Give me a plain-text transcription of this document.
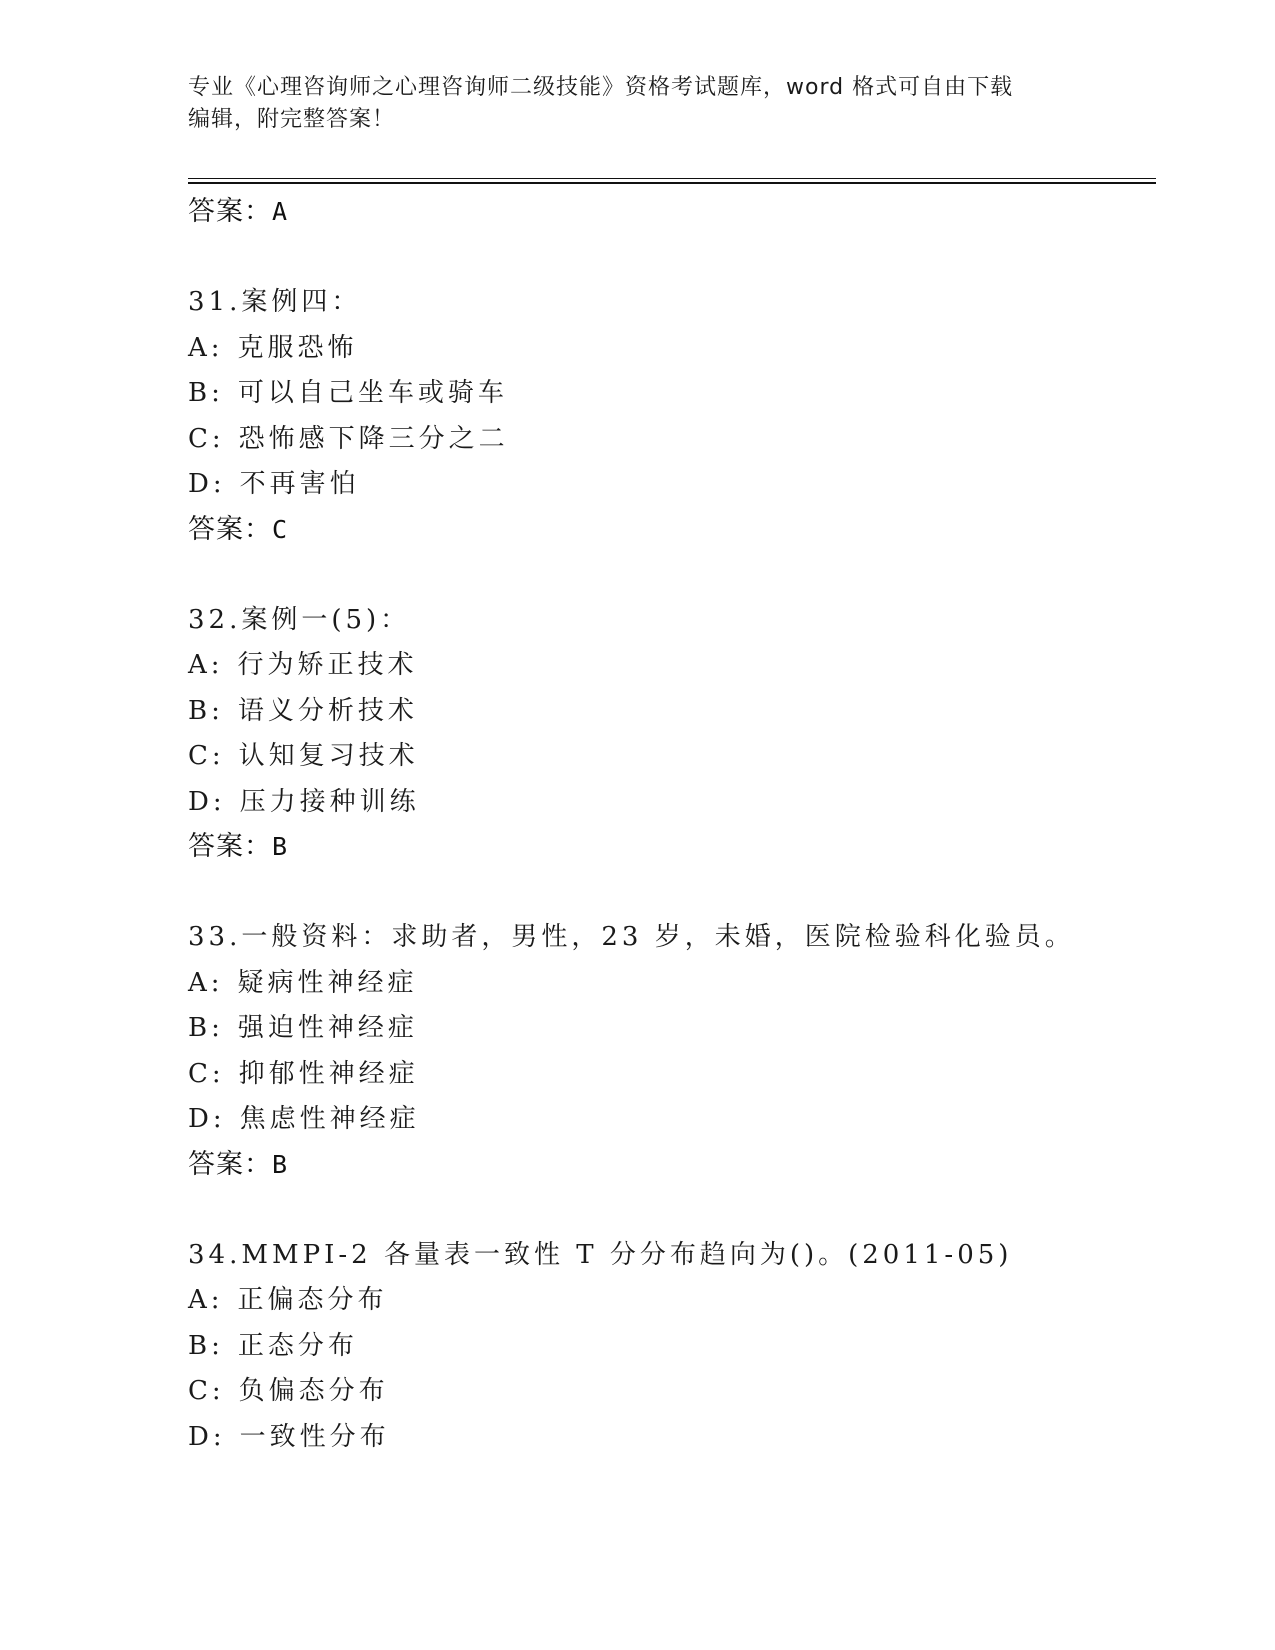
专业《心理咨询师之心理咨询师二级技能》资格考试题库，word 格式可自由下载
编辑，附完整答案！
答案：A
31.案例四：
A: 克服恐怖
B: 可以自己坐车或骑车
C: 恐怖感下降三分之二
D: 不再害怕
答案：C
32.案例一(5)：
A: 行为矫正技术
B: 语义分析技术
C: 认知复习技术
D: 压力接种训练
答案：B
33.一般资料：求助者，男性，23 岁，未婚，医院检验科化验员。
A: 疑病性神经症
B: 强迫性神经症
C: 抑郁性神经症
D: 焦虑性神经症
答案：B
34.MMPI-2 各量表一致性 T 分分布趋向为()。(2011-05)
A: 正偏态分布
B: 正态分布
C: 负偏态分布
D: 一致性分布
